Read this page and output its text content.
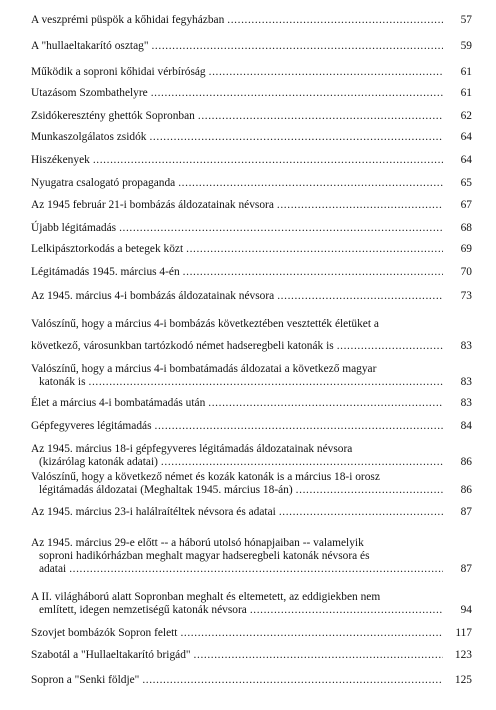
A veszprémi püspök a kőhidai fegyházban .....	57
A "hullaeltakarító osztag" .....	59
Működik a soproni kőhidai vérbíróság .....	61
Utazásom Szombathelyre .....	61
Zsidókeresztény ghettók Sopronban .....	62
Munkaszolgálatos zsidók .....	64
Hiszékenyek .....	64
Nyugatra csalogató propaganda .....	65
Az 1945 február 21-i bombázás áldozatainak névsora .....	67
Újabb légitámadás .....	68
Lelkipásztorkodás a betegek közt .....	69
Légitámadás 1945. március 4-én .....	70
Az 1945. március 4-i bombázás áldozatainak névsora .....	73
Valószínű, hogy a március 4-i bombázás következtében vesztették életüket a
következő, városunkban tartózkodó német hadseregbeli katonák is .....	83
Valószínű, hogy a március 4-i bombatámadás áldozatai a következő magyar
katonák is .....	83
Élet a március 4-i bombatámadás után .....	83
Gépfegyveres légitámadás .....	84
Az 1945. március 18-i gépfegyveres légitámadás áldozatainak névsora
(kizárólag katonák adatai) .....	86
Valószínű, hogy a következő német és kozák katonák is a március 18-i orosz
légitámadás áldozatai (Meghaltak 1945. március 18-án) .....	86
Az 1945. március 23-i halálraítéltek névsora és adatai .....	87
Az 1945. március 29-e előtt -- a háború utolsó hónapjaiban -- valamelyik
soproni hadikórházban meghalt magyar hadseregbeli katonák névsora és
adatai .....	87
A II. világháború alatt Sopronban meghalt és eltemetett, az eddigiekben nem
említett, idegen nemzetiségű katonák névsora .....	94
Szovjet bombázók Sopron felett .....	117
Szabotál a "Hullaeltakarító brigád" .....	123
Sopron a "Senki földje" .....	125
